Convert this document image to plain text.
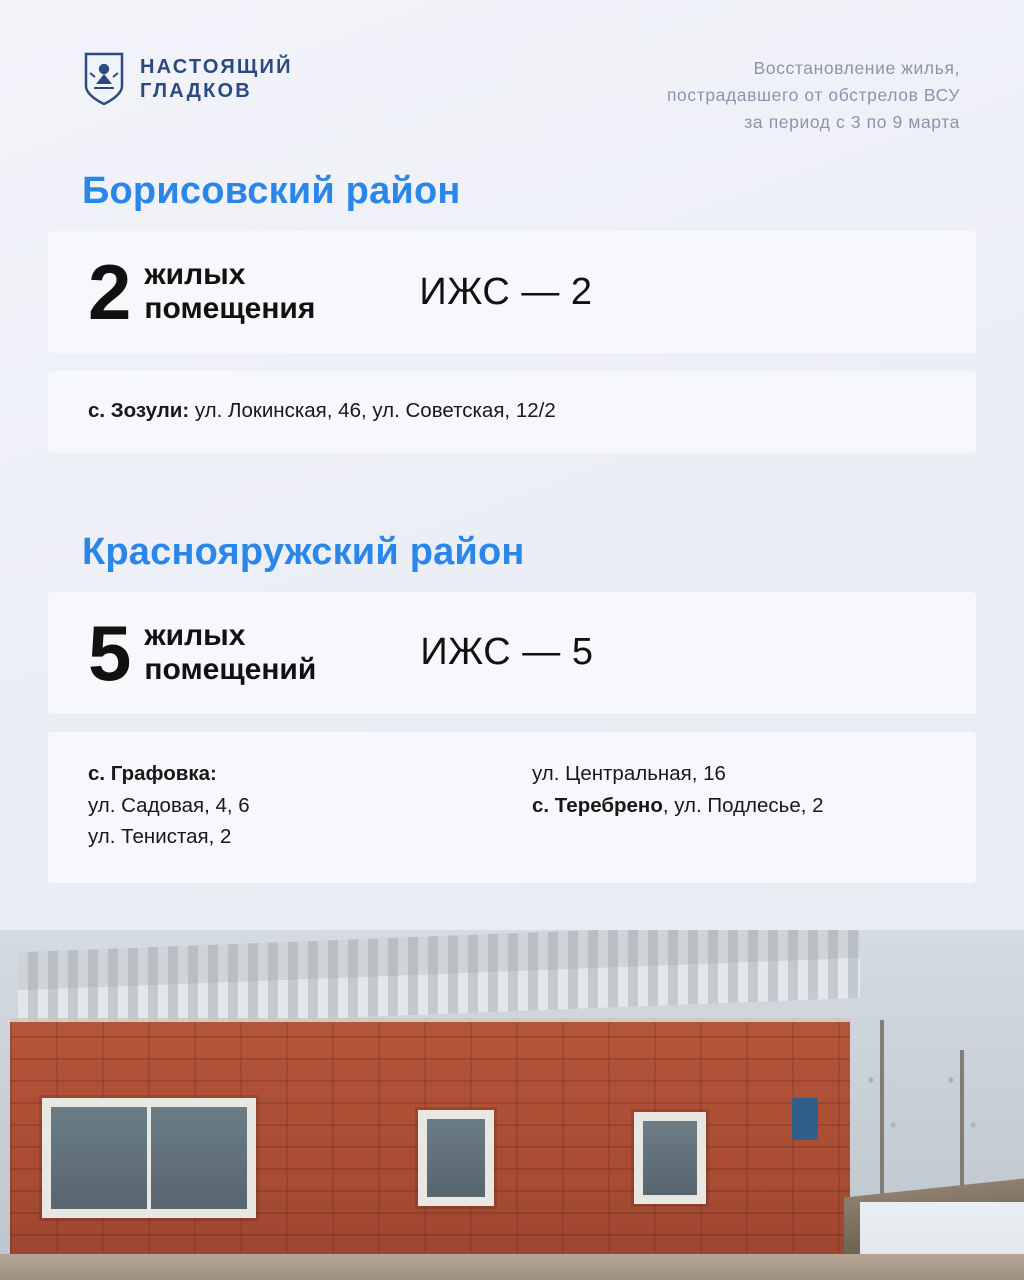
НАСТОЯЩИЙ
ГЛАДКОВ
Восстановление жилья,
пострадавшего от обстрелов ВСУ
за период с 3 по 9 марта
Борисовский район
2 жилых
помещения	ИЖС — 2
с. Зозули: ул. Локинская, 46, ул. Советская, 12/2
Краснояружский район
5 жилых
помещений	ИЖС — 5
с. Графовка:
ул. Садовая, 4, 6
ул. Тенистая, 2
ул. Центральная, 16
с. Теребрено, ул. Подлесье, 2
